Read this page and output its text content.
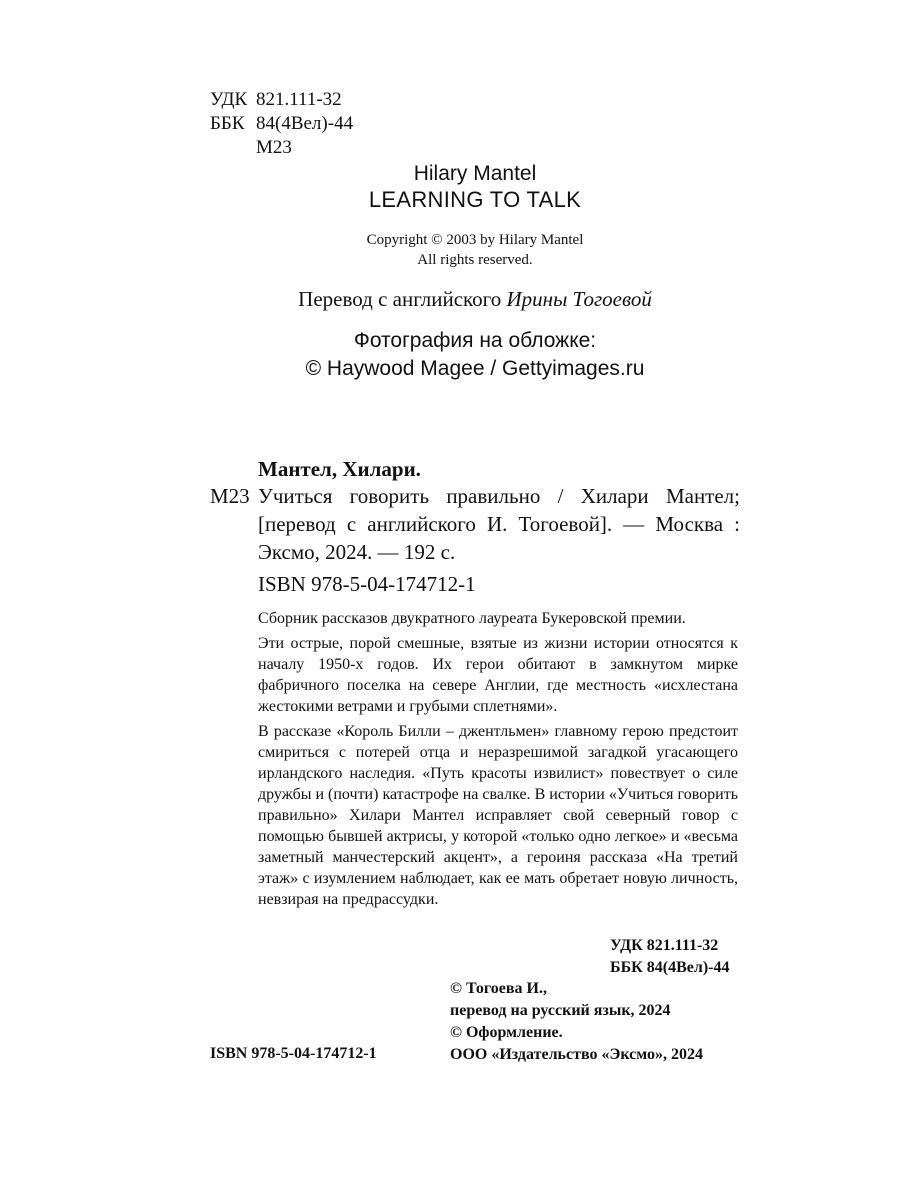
УДК 821.111-32
ББК 84(4Вел)-44
М23
Hilary Mantel
LEARNING TO TALK
Copyright © 2003 by Hilary Mantel
All rights reserved.
Перевод с английского Ирины Тогоевой
Фотография на обложке:
© Haywood Magee / Gettyimages.ru
Мантел, Хилари.
М23 Учиться говорить правильно / Хилари Мантел; [перевод с английского И. Тогоевой]. — Москва : Эксмо, 2024. — 192 с.
ISBN 978-5-04-174712-1

Сборник рассказов двукратного лауреата Букеровской премии.

Эти острые, порой смешные, взятые из жизни истории относятся к началу 1950-х годов. Их герои обитают в замкнутом мирке фабричного поселка на севере Англии, где местность «исхлестана жестокими ветрами и грубыми сплетнями».

В рассказе «Король Билли – джентльмен» главному герою предстоит смириться с потерей отца и неразрешимой загадкой угасающего ирландского наследия. «Путь красоты извилист» повествует о силе дружбы и (почти) катастрофе на свалке. В истории «Учиться говорить правильно» Хилари Мантел исправляет свой северный говор с помощью бывшей актрисы, у которой «только одно легкое» и «весьма заметный манчестерский акцент», а героиня рассказа «На третий этаж» с изумлением наблюдает, как ее мать обретает новую личность, невзирая на предрассудки.

УДК 821.111-32
ББК 84(4Вел)-44
© Тогоева И.,
перевод на русский язык, 2024
© Оформление.
ООО «Издательство «Эксмо», 2024
ISBN 978-5-04-174712-1
